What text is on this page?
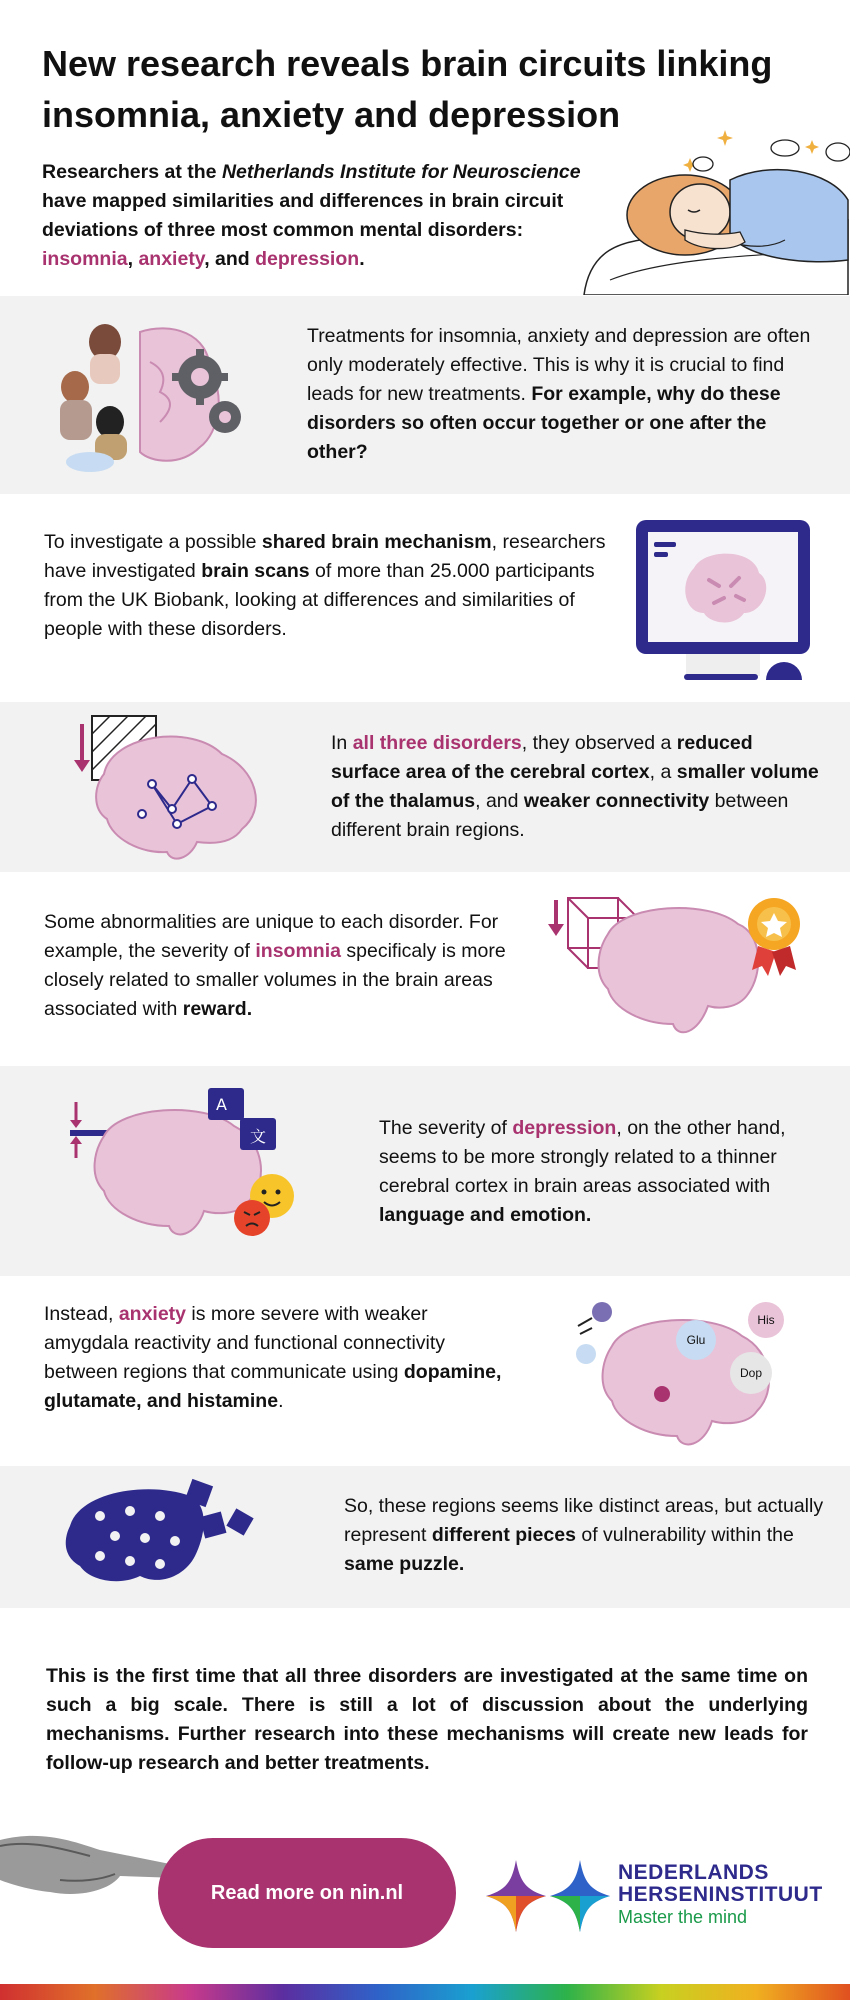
New research reveals brain circuits linking insomnia, anxiety and depression
Researchers at the Netherlands Institute for Neuroscience have mapped similarities and differences in brain circuit deviations of three most common mental disorders: insomnia, anxiety, and depression.
Treatments for insomnia, anxiety and depression are often only moderately effective. This is why it is crucial to find leads for new treatments. For example, why do these disorders so often occur together or one after the other?
To investigate a possible shared brain mechanism, researchers have investigated brain scans of more than 25.000 participants from the UK Biobank, looking at differences and similarities of people with these disorders.
In all three disorders, they observed a reduced surface area of the cerebral cortex, a smaller volume of the thalamus, and weaker connectivity between different brain regions.
Some abnormalities are unique to each disorder. For example, the severity of insomnia specificaly is more closely related to smaller volumes in the brain areas associated with reward.
A
文	The severity of depression, on the other hand, seems to be more strongly related to a thinner cerebral cortex in brain areas associated with language and emotion.
Instead, anxiety is more severe with weaker amygdala reactivity and functional connectivity between regions that communicate using dopamine, glutamate, and histamine.
Glu
His
Dop
So, these regions seems like distinct areas, but actually represent different pieces of vulnerability within the same puzzle.
This is the first time that all three disorders are investigated at the same time on such a big scale. There is still a lot of discussion about the underlying mechanisms. Further research into these mechanisms will create new leads for follow-up research and better treatments.
Read more on nin.nl
NEDERLANDS
HERSENINSTITUUT
Master the mind
